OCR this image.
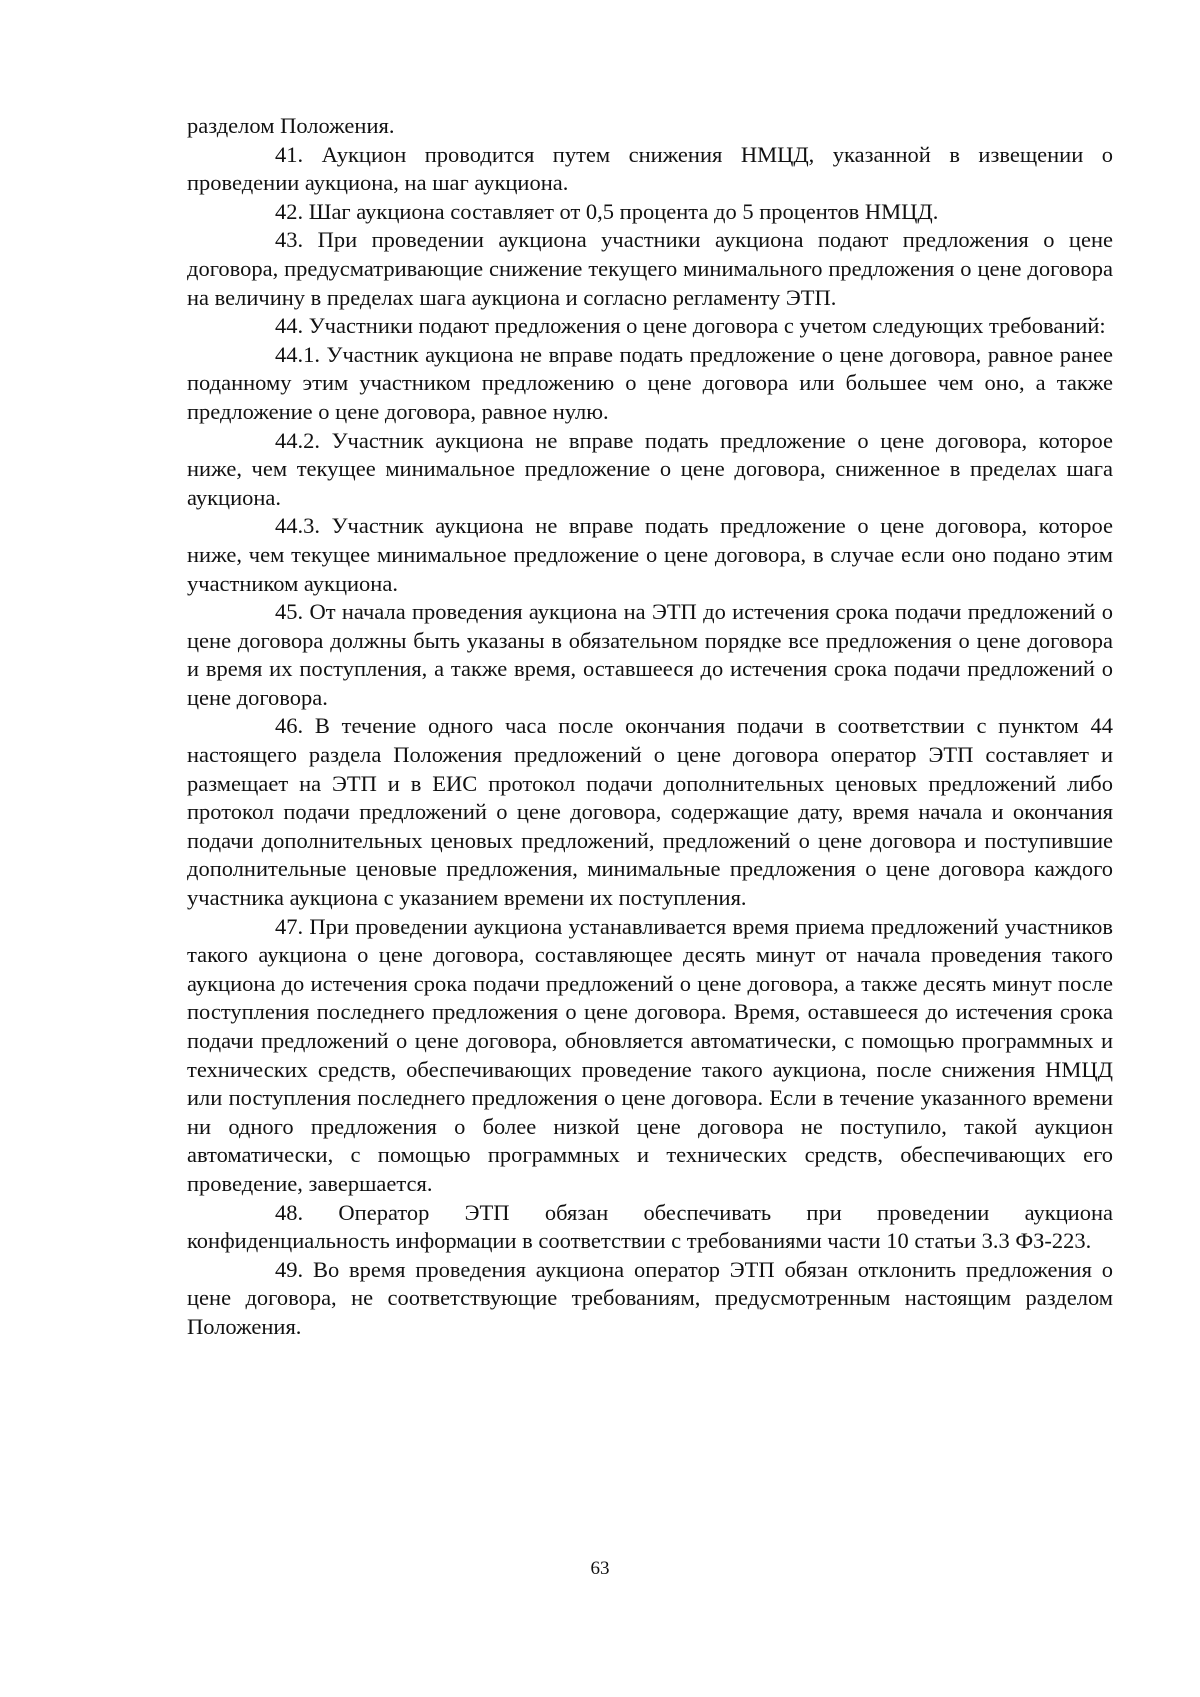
разделом Положения.

41. Аукцион проводится путем снижения НМЦД, указанной в извещении о проведении аукциона, на шаг аукциона.

42. Шаг аукциона составляет от 0,5 процента до 5 процентов НМЦД.

43. При проведении аукциона участники аукциона подают предложения о цене договора, предусматривающие снижение текущего минимального предложения о цене договора на величину в пределах шага аукциона и согласно регламенту ЭТП.

44. Участники подают предложения о цене договора с учетом следующих требований:

44.1. Участник аукциона не вправе подать предложение о цене договора, равное ранее поданному этим участником предложению о цене договора или большее чем оно, а также предложение о цене договора, равное нулю.

44.2. Участник аукциона не вправе подать предложение о цене договора, которое ниже, чем текущее минимальное предложение о цене договора, сниженное в пределах шага аукциона.

44.3. Участник аукциона не вправе подать предложение о цене договора, которое ниже, чем текущее минимальное предложение о цене договора, в случае если оно подано этим участником аукциона.

45. От начала проведения аукциона на ЭТП до истечения срока подачи предложений о цене договора должны быть указаны в обязательном порядке все предложения о цене договора и время их поступления, а также время, оставшееся до истечения срока подачи предложений о цене договора.

46. В течение одного часа после окончания подачи в соответствии с пунктом 44 настоящего раздела Положения предложений о цене договора оператор ЭТП составляет и размещает на ЭТП и в ЕИС протокол подачи дополнительных ценовых предложений либо протокол подачи предложений о цене договора, содержащие дату, время начала и окончания подачи дополнительных ценовых предложений, предложений о цене договора и поступившие дополнительные ценовые предложения, минимальные предложения о цене договора каждого участника аукциона с указанием времени их поступления.

47. При проведении аукциона устанавливается время приема предложений участников такого аукциона о цене договора, составляющее десять минут от начала проведения такого аукциона до истечения срока подачи предложений о цене договора, а также десять минут после поступления последнего предложения о цене договора. Время, оставшееся до истечения срока подачи предложений о цене договора, обновляется автоматически, с помощью программных и технических средств, обеспечивающих проведение такого аукциона, после снижения НМЦД или поступления последнего предложения о цене договора. Если в течение указанного времени ни одного предложения о более низкой цене договора не поступило, такой аукцион автоматически, с помощью программных и технических средств, обеспечивающих его проведение, завершается.

48. Оператор ЭТП обязан обеспечивать при проведении аукциона конфиденциальность информации в соответствии с требованиями части 10 статьи 3.3 ФЗ-223.

49. Во время проведения аукциона оператор ЭТП обязан отклонить предложения о цене договора, не соответствующие требованиям, предусмотренным настоящим разделом Положения.

63
